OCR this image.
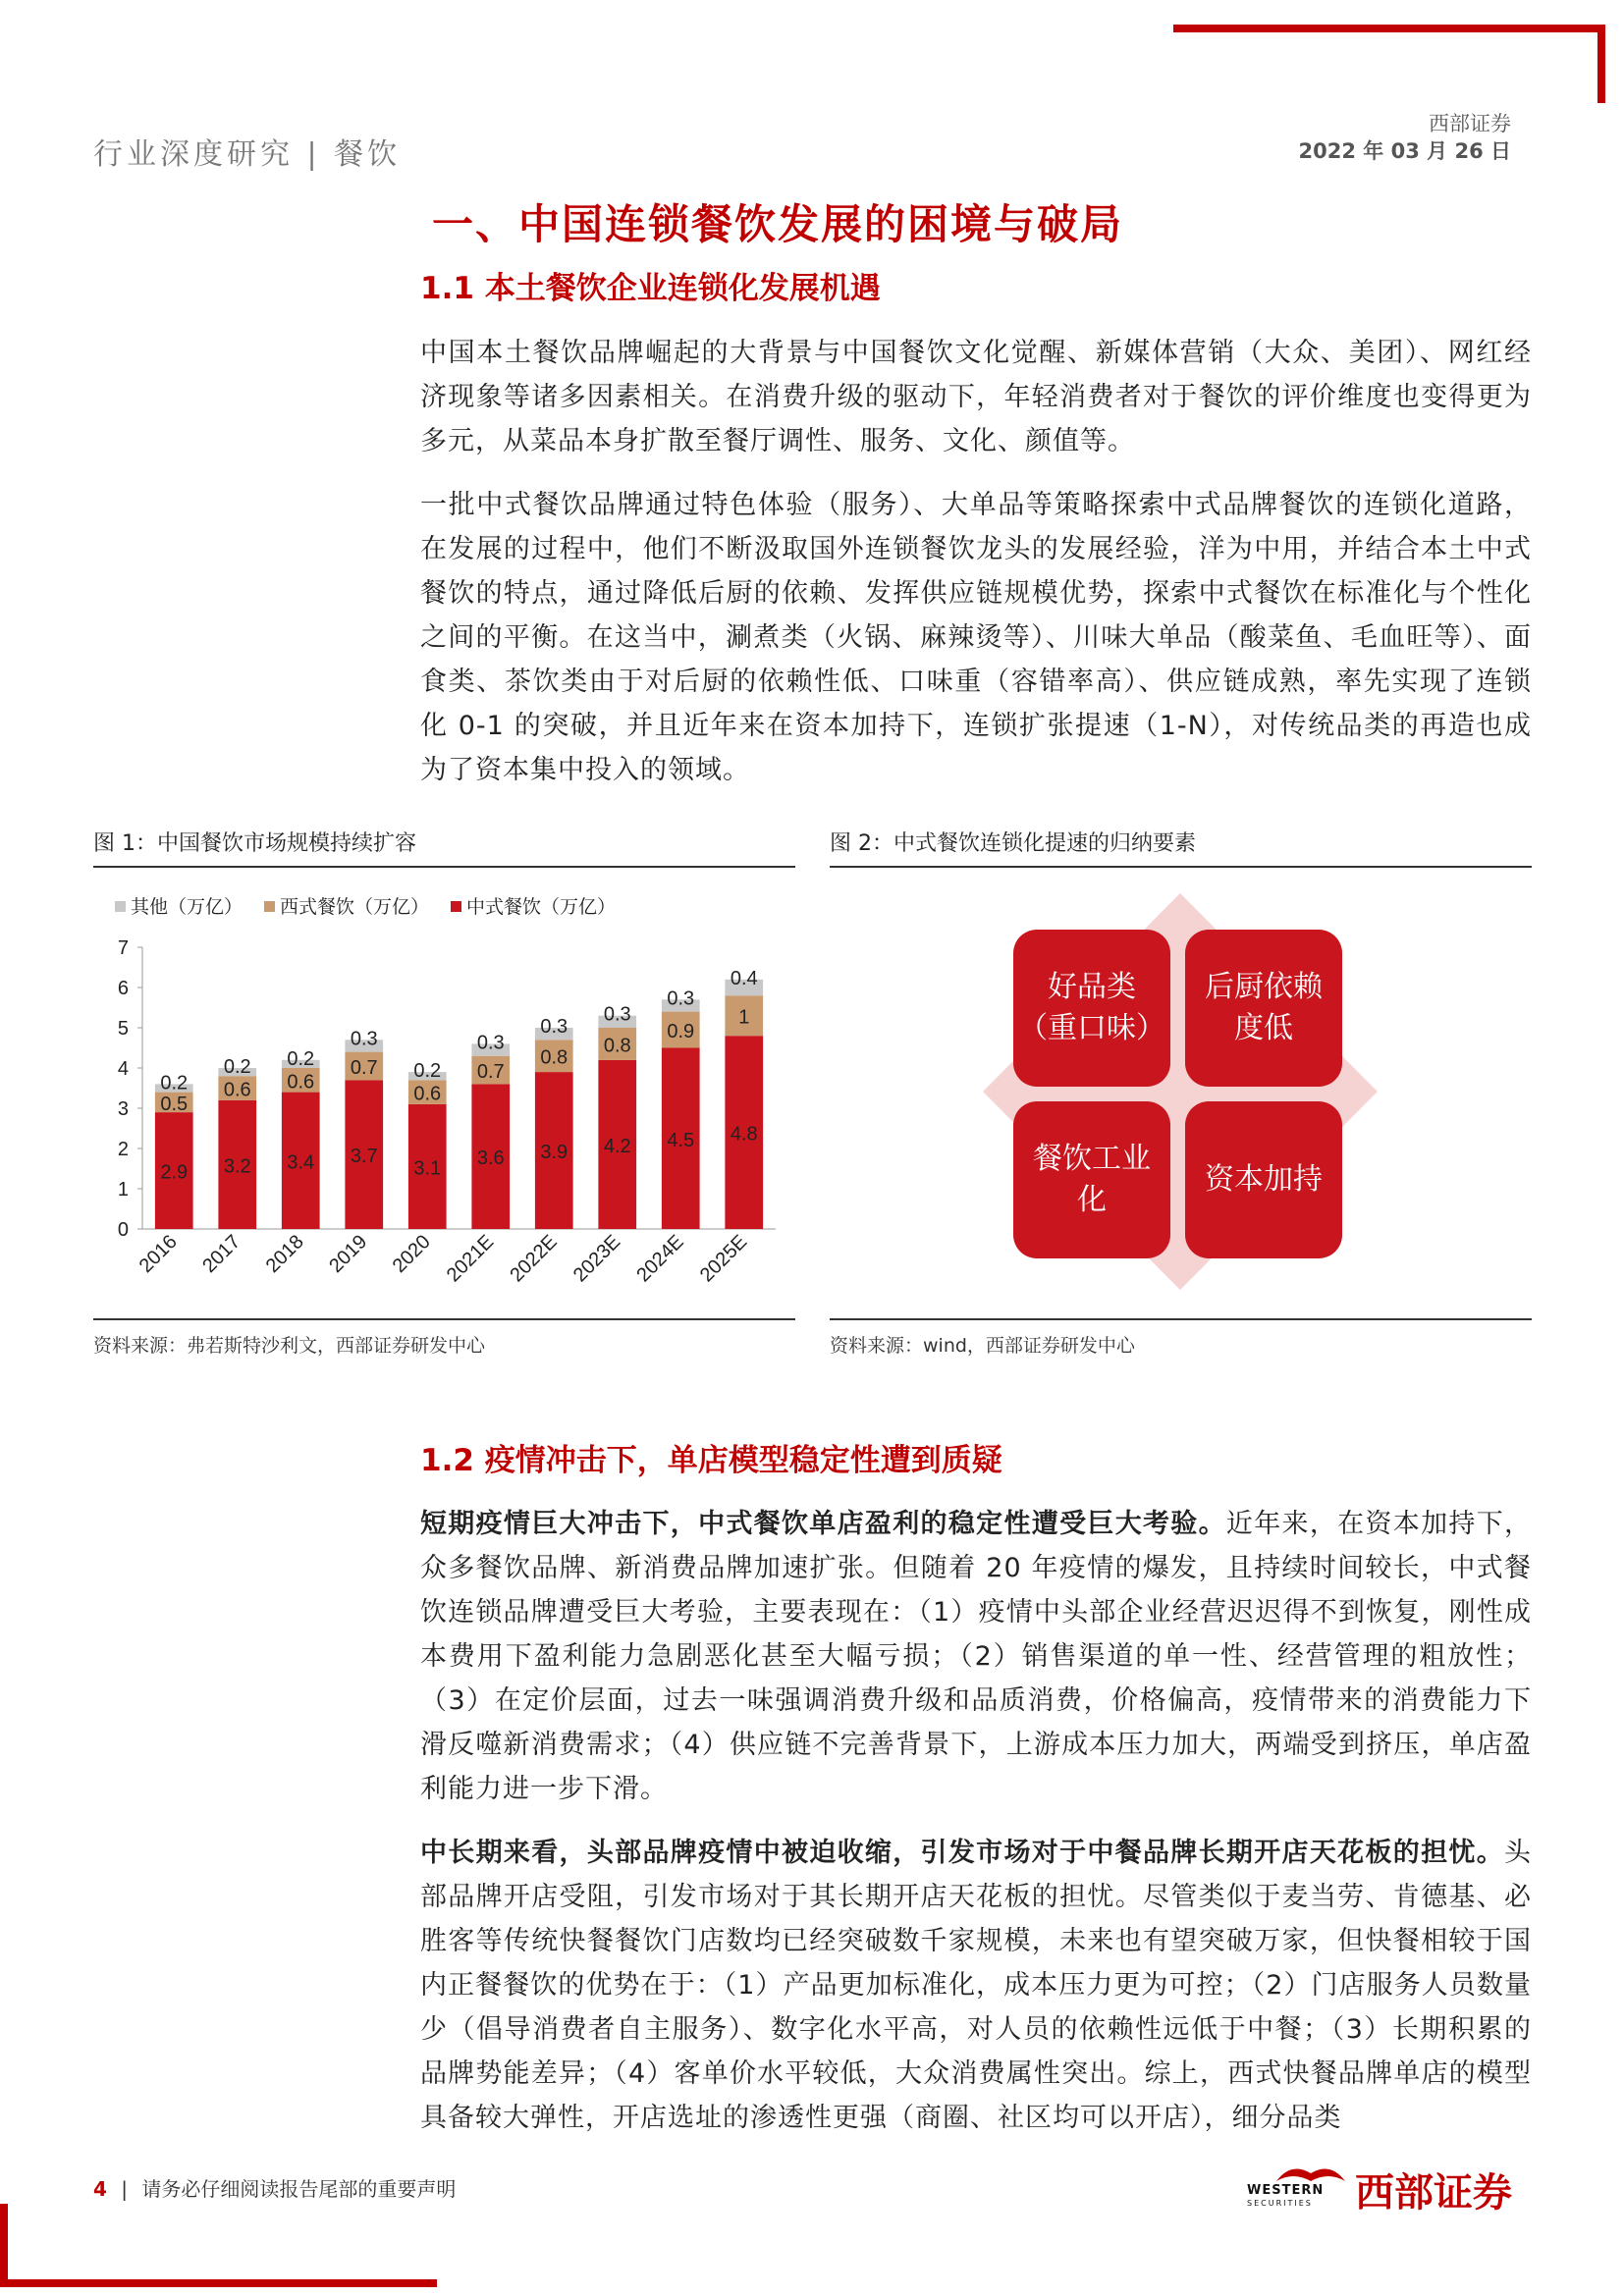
行业深度研究 | 餐饮
西部证券
2022 年 03 月 26 日
一、中国连锁餐饮发展的困境与破局
1.1 本土餐饮企业连锁化发展机遇

中国本土餐饮品牌崛起的大背景与中国餐饮文化觉醒、新媒体营销（大众、美团）、网红经济现象等诸多因素相关。在消费升级的驱动下，年轻消费者对于餐饮的评价维度也变得更为多元，从菜品本身扩散至餐厅调性、服务、文化、颜值等。

一批中式餐饮品牌通过特色体验（服务）、大单品等策略探索中式品牌餐饮的连锁化道路，在发展的过程中，他们不断汲取国外连锁餐饮龙头的发展经验，洋为中用，并结合本土中式餐饮的特点，通过降低后厨的依赖、发挥供应链规模优势，探索中式餐饮在标准化与个性化之间的平衡。在这当中，涮煮类（火锅、麻辣烫等）、川味大单品（酸菜鱼、毛血旺等）、面食类、茶饮类由于对后厨的依赖性低、口味重（容错率高）、供应链成熟，率先实现了连锁化 0-1 的突破，并且近年来在资本加持下，连锁扩张提速（1-N），对传统品类的再造也成为了资本集中投入的领域。

图 1：中国餐饮市场规模持续扩容
0
1
2
3
4
5
6
7
其他（万亿） 西式餐饮（万亿） 中式餐饮（万亿）
2.9
0.5
0.2
2016
3.2
0.6
0.2
2017
3.4
0.6
0.2
2018
3.7
0.7
0.3
2019
3.1
0.6
0.2
2020
3.6
0.7
0.3
2021E
3.9
0.8
0.3
2022E
4.2
0.8
0.3
2023E
4.5
0.9
0.3
2024E
4.8
1
0.4
2025E
资料来源：弗若斯特沙利文，西部证券研发中心
图 2：中式餐饮连锁化提速的归纳要素
好品类
（重口味）
后厨依赖
度低
餐饮工业
化
资本加持
资料来源：wind，西部证券研发中心
1.2 疫情冲击下，单店模型稳定性遭到质疑

短期疫情巨大冲击下，中式餐饮单店盈利的稳定性遭受巨大考验。近年来，在资本加持下，众多餐饮品牌、新消费品牌加速扩张。但随着 20 年疫情的爆发，且持续时间较长，中式餐饮连锁品牌遭受巨大考验，主要表现在：（1）疫情中头部企业经营迟迟得不到恢复，刚性成本费用下盈利能力急剧恶化甚至大幅亏损；（2）销售渠道的单一性、经营管理的粗放性；（3）在定价层面，过去一味强调消费升级和品质消费，价格偏高，疫情带来的消费能力下滑反噬新消费需求；（4）供应链不完善背景下，上游成本压力加大，两端受到挤压，单店盈利能力进一步下滑。

中长期来看，头部品牌疫情中被迫收缩，引发市场对于中餐品牌长期开店天花板的担忧。头部品牌开店受阻，引发市场对于其长期开店天花板的担忧。尽管类似于麦当劳、肯德基、必胜客等传统快餐餐饮门店数均已经突破数千家规模，未来也有望突破万家，但快餐相较于国内正餐餐饮的优势在于：（1）产品更加标准化，成本压力更为可控；（2）门店服务人员数量少（倡导消费者自主服务）、数字化水平高，对人员的依赖性远低于中餐；（3）长期积累的品牌势能差异；（4）客单价水平较低，大众消费属性突出。综上，西式快餐品牌单店的模型具备较大弹性，开店选址的渗透性更强（商圈、社区均可以开店），细分品类

4 | 请务必仔细阅读报告尾部的重要声明	WESTERN
SECURITIES 西部证券
